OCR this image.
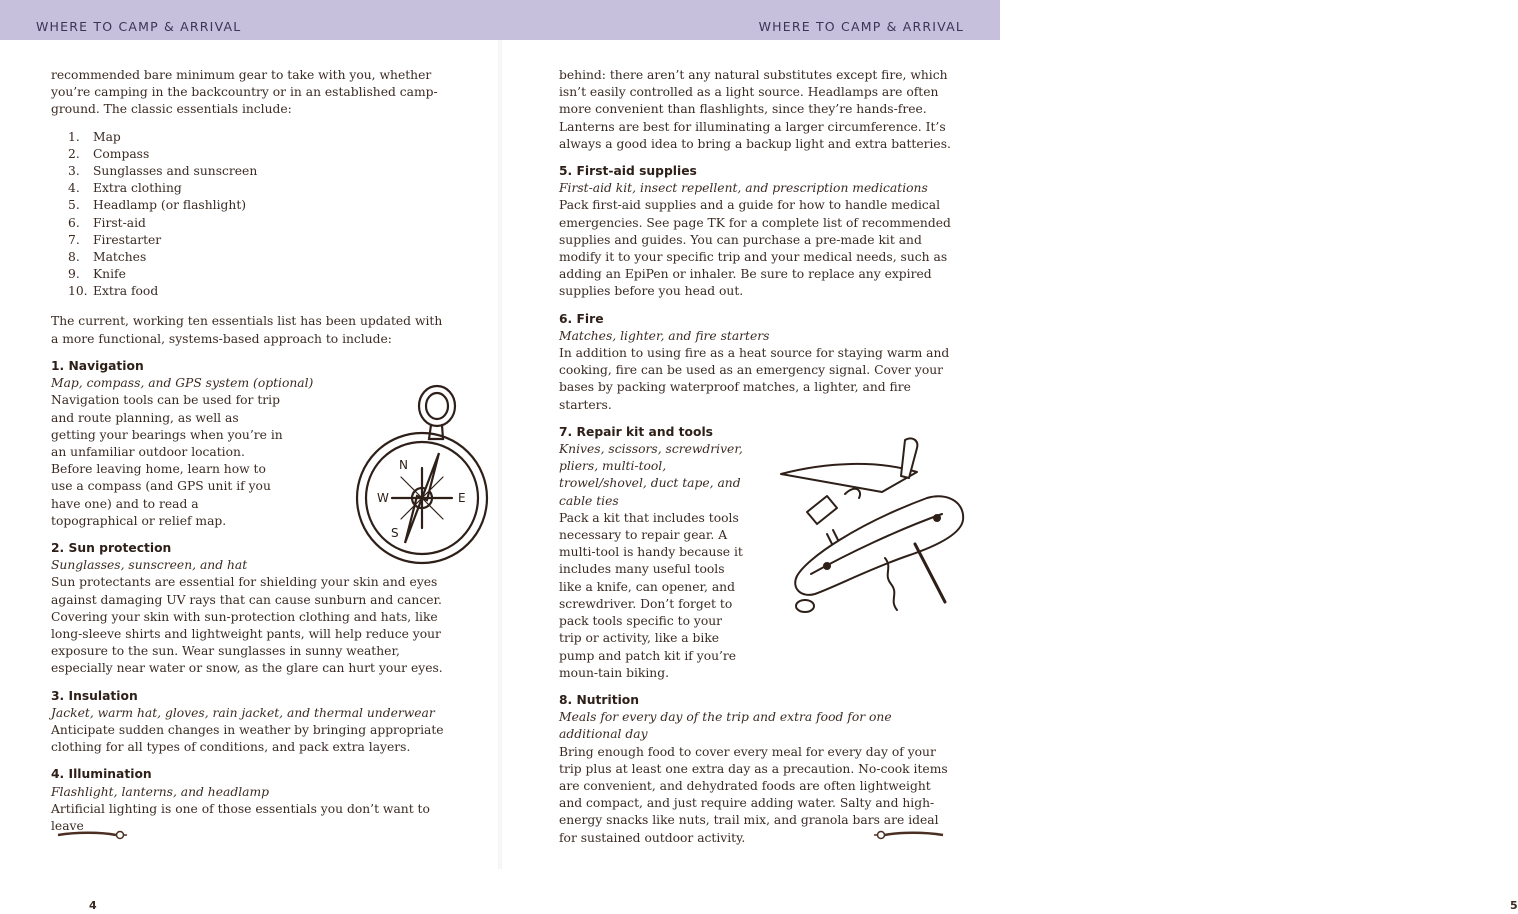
WHERE TO CAMP & ARRIVAL	WHERE TO CAMP & ARRIVAL

recommended bare minimum gear to take with you, whether you’re camping in the backcountry or in an established camp-ground. The classic essentials include:

1.	Map
2.	Compass
3.	Sunglasses and sunscreen
4.	Extra clothing
5.	Headlamp (or flashlight)
6.	First-aid
7.	Firestarter
8.	Matches
9.	Knife
10. Extra food

The current, working ten essentials list has been updated with a more functional, systems-based approach to include:

1. Navigation
Map, compass, and GPS system (optional)
Navigation tools can be used for trip and route planning, as well as getting your bearings when you’re in an unfamiliar outdoor location. Before leaving home, learn how to use a compass (and GPS unit if you have one) and to read a topographical or relief map.
2. Sun protection
Sunglasses, sunscreen, and hat
Sun protectants are essential for shielding your skin and eyes against damaging UV rays that can cause sunburn and cancer. Covering your skin with sun-protection clothing and hats, like long-sleeve shirts and lightweight pants, will help reduce your exposure to the sun. Wear sunglasses in sunny weather, especially near water or snow, as the glare can hurt your eyes.
3. Insulation
Jacket, warm hat, gloves, rain jacket, and thermal underwear
Anticipate sudden changes in weather by bringing appropriate clothing for all types of conditions, and pack extra layers.
4. Illumination
Flashlight, lanterns, and headlamp
Artificial lighting is one of those essentials you don’t want to leave
W	E
N
S
4

behind: there aren’t any natural substitutes except fire, which isn’t easily controlled as a light source. Headlamps are often more convenient than flashlights, since they’re hands-free. Lanterns are best for illuminating a larger circumference. It’s always a good idea to bring a backup light and extra batteries.

5. First-aid supplies
First-aid kit, insect repellent, and prescription medications
Pack first-aid supplies and a guide for how to handle medical emergencies. See page TK for a complete list of recommended supplies and guides. You can purchase a pre-made kit and modify it to your specific trip and your medical needs, such as adding an EpiPen or inhaler. Be sure to replace any expired supplies before you head out.
6. Fire
Matches, lighter, and fire starters
In addition to using fire as a heat source for staying warm and cooking, fire can be used as an emergency signal. Cover your bases by packing waterproof matches, a lighter, and fire starters.
7. Repair kit and tools
Knives, scissors, screwdriver, pliers, multi-tool, trowel/shovel, duct tape, and cable ties
Pack a kit that includes tools necessary to repair gear. A multi-tool is handy because it includes many useful tools like a knife, can opener, and screwdriver. Don’t forget to pack tools specific to your trip or activity, like a bike pump and patch kit if you’re moun-tain biking.
8. Nutrition
Meals for every day of the trip and extra food for one additional day
Bring enough food to cover every meal for every day of your trip plus at least one extra day as a precaution. No-cook items are convenient, and dehydrated foods are often lightweight and compact, and just require adding water. Salty and high-energy snacks like nuts, trail mix, and granola bars are ideal for sustained outdoor activity.
5
